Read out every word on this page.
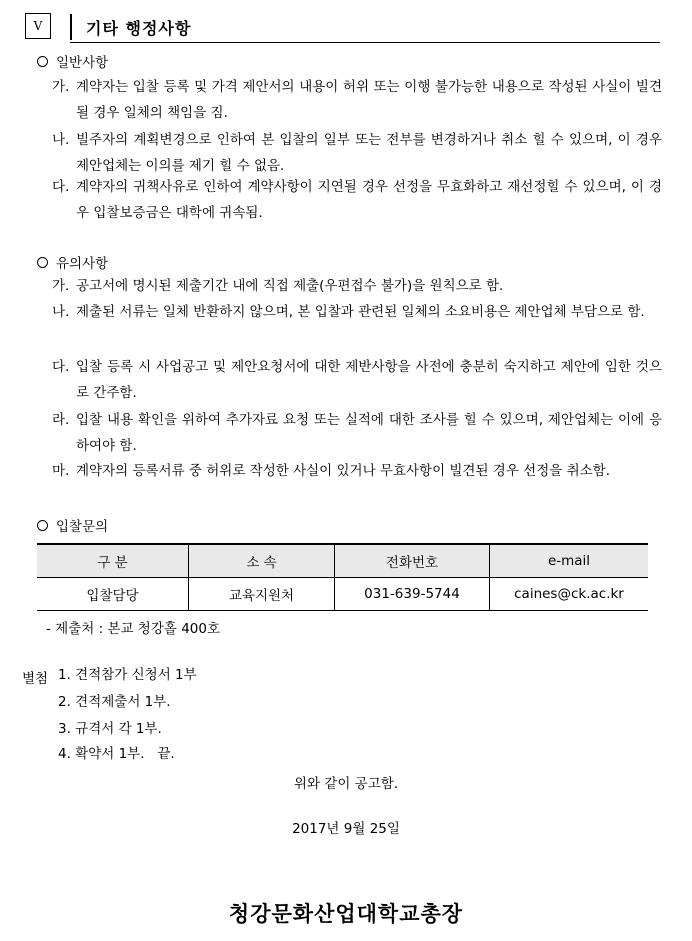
Ⅴ	기타 행정사항
일반사항
가. 계약자는 입찰 등록 및 가격 제안서의 내용이 허위 또는 이행 불가능한 내용으로 작성된 사실이 빌견될 경우 일체의 책임을 짐.
나. 빌주자의 계획변경으로 인하여 본 입찰의 일부 또는 전부를 변경하거나 취소 힐 수 있으며, 이 경우 제안업체는 이의를 제기 힐 수 없음.
다. 계약자의 귀책사유로 인하여 계약사항이 지연될 경우 선정을 무효화하고 재선정힐 수 있으며, 이 경우 입찰보증금은 대학에 귀속됨.
유의사항
가. 공고서에 명시된 제출기간 내에 직접 제출(우편접수 불가)을 원칙으로 함.
나. 제출된 서류는 일체 반환하지 않으며, 본 입찰과 관련된 일체의 소요비용은 제안업체 부담으로 함.
다. 입찰 등록 시 사업공고 및 제안요청서에 대한 제반사항을 사전에 충분히 숙지하고 제안에 임한 것으로 간주함.
라. 입찰 내용 확인을 위하여 추가자료 요청 또는 실적에 대한 조사를 힐 수 있으며, 제안업체는 이에 응하여야 함.
마. 계약자의 등록서류 중 허위로 작성한 사실이 있거나 무효사항이 빌견된 경우 선정을 취소함.
입찰문의
구 분	소 속	전화번호	e-mail
입찰담당	교육지원처	031-639-5744	caines@ck.ac.kr
- 제출처 : 본교 청강홀 400호
별첨 1. 견적참가 신청서 1부
2. 견적제출서 1부.
3. 규격서 각 1부.
4. 확약서 1부.   끝.
위와 같이 공고함.
2017년 9월 25일
청강문화산업대학교총장
